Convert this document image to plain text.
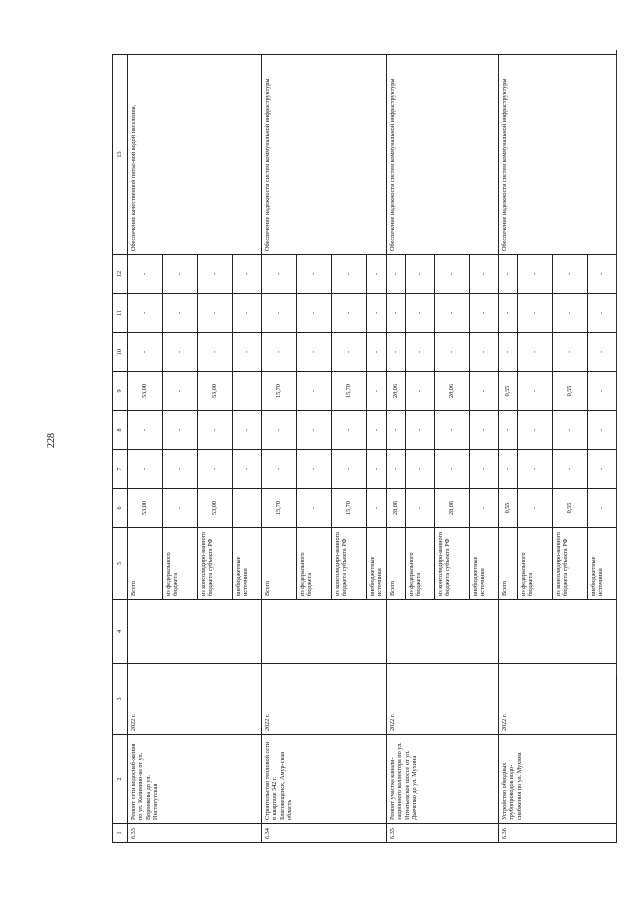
228
1	2	3	4	5	6	7	8	9	10	11	12	13
6.33	Ремонт сети водоснаб-жения по ул. Калинино-ва от ул. Воронкова до ул. Институтская	2022 г.		Всего	53,00	-	-	53,00	-	-	-	Обеспечение качественной питье-вой водой населения,
				из федерального бюджета	-	-	-	-	-	-	-	
				из консолидиро-ванного бюджета субъекта РФ	53,00	-	-	53,00	-	-	-	
				внебюджетные источники		-	-		-	-	-	
6.34	Строительство тепловой сети в квартале 342 г. Благовещенск, Амур-ская область	2022 г.		Всего	15,70	-	-	15,70	-	-	-	Обеспечение надежности систем коммунальной инфраструктуры
				из федерального бюджета	-	-	-	-	-	-	-	
				из консолидиро-ванного бюджета субъекта РФ	15,70	-	-	15,70	-	-	-	
				внебюджетные источники	-	-	-	-	-	-	-	
6.35	Ремонт участка канали-зационного коллектора по ул. Игнатьевское шоссе от ул. Дьяченко до ул. Мухина	2022 г.		Всего	28,06	-	-	28,06	-	-	-	Обеспечение надежности систем коммунальной инфраструктуры
				из федерального бюджета	-	-	-	-	-	-	-	
				из консолидиро-ванного бюджета субъекта РФ	28,06	-	-	28,06	-	-	-	
				внебюджетные источники	-	-	-	-	-	-	-	
6.36	Устройство обводных трубопроводов водо-снабжения по ул. Мухина	2022 г.		Всего	0,55	-	-	0,55	-	-	-	Обеспечение надежности систем коммунальной инфраструктуры
				из федерального бюджета	-	-	-	-	-	-	-	
				из консолидиро-ванного бюджета субъекта РФ	0,55	-	-	0,55	-	-	-	
				внебюджетные источники	-	-	-	-	-	-	-	
